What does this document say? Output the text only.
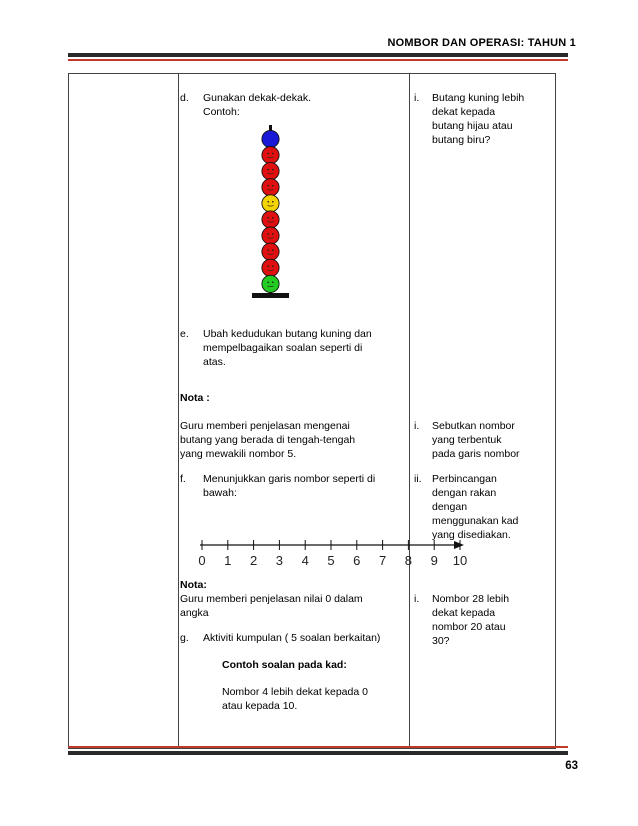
NOMBOR DAN OPERASI: TAHUN 1
d. Gunakan dekak-dekak.
Contoh:
e. Ubah kedudukan butang kuning dan
mempelbagaikan soalan seperti di
atas.
Nota :
Guru memberi penjelasan mengenai
butang yang berada di tengah-tengah
yang mewakili nombor 5.
f. Menunjukkan garis nombor seperti di
bawah:
0 1 2 3 4 5 6 7 8 9 10
Nota:
Guru memberi penjelasan nilai 0 dalam
angka
g. Aktiviti kumpulan ( 5 soalan berkaitan)
Contoh soalan pada kad:
Nombor 4 lebih dekat kepada 0
atau kepada 10.
i. Butang kuning lebih
dekat kepada
butang hijau atau
butang biru?
i. Sebutkan nombor
yang terbentuk
pada garis nombor
ii. Perbincangan
dengan rakan
dengan
menggunakan kad
yang disediakan.
i. Nombor 28 lebih
dekat kepada
nombor 20 atau
30?
63
